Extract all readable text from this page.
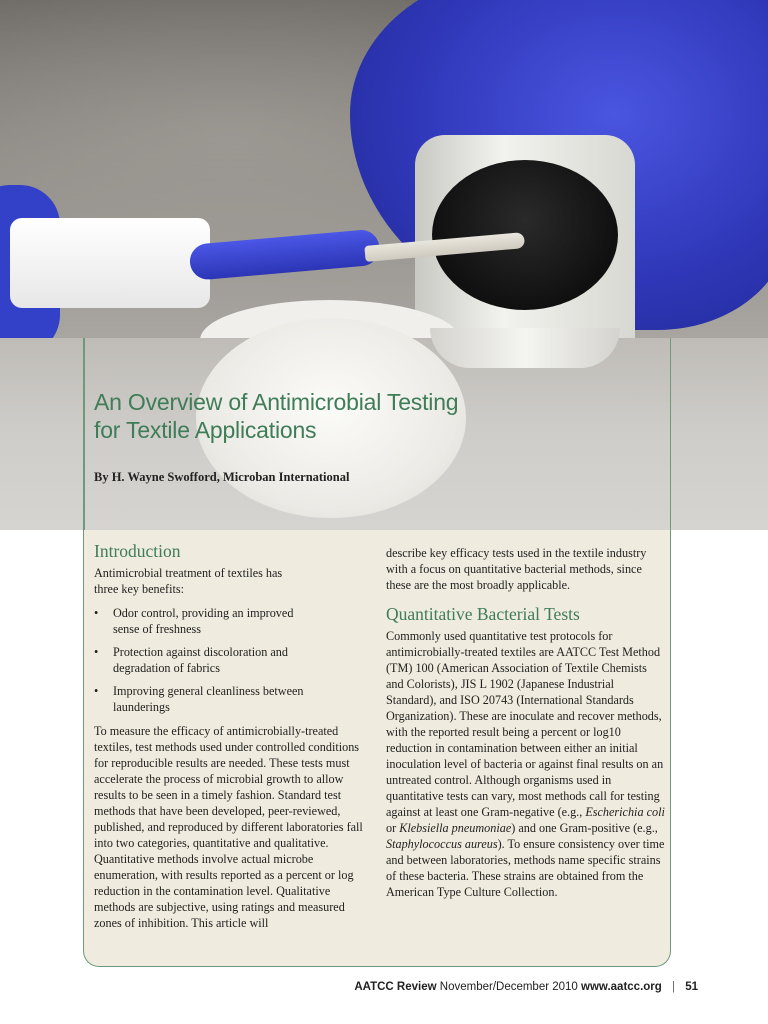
An Overview of Antimicrobial Testing
for Textile Applications

By H. Wayne Swofford, Microban International

Introduction

Antimicrobial treatment of textiles has three key benefits:

• Odor control, providing an improved sense of freshness
• Protection against discoloration and degradation of fabrics
• Improving general cleanliness between launderings

To measure the efficacy of antimicrobially-treated textiles, test methods used under controlled conditions for reproducible results are needed. These tests must accelerate the process of microbial growth to allow results to be seen in a timely fashion. Standard test methods that have been developed, peer-reviewed, published, and reproduced by different laboratories fall into two categories, quantitative and qualitative. Quantitative methods involve actual microbe enumeration, with results reported as a percent or log reduction in the contamination level. Qualitative methods are subjective, using ratings and measured zones of inhibition. This article will

describe key efficacy tests used in the textile industry with a focus on quantitative bacterial methods, since these are the most broadly applicable.

Quantitative Bacterial Tests

Commonly used quantitative test protocols for antimicrobially-treated textiles are AATCC Test Method (TM) 100 (American Association of Textile Chemists and Colorists), JIS L 1902 (Japanese Industrial Standard), and ISO 20743 (International Standards Organization). These are inoculate and recover methods, with the reported result being a percent or log10 reduction in contamination between either an initial inoculation level of bacteria or against final results on an untreated control. Although organisms used in quantitative tests can vary, most methods call for testing against at least one Gram-negative (e.g., Escherichia coli or Klebsiella pneumoniae) and one Gram-positive (e.g., Staphylococcus aureus). To ensure consistency over time and between laboratories, methods name specific strains of these bacteria. These strains are obtained from the American Type Culture Collection.

AATCC Review November/December 2010 www.aatcc.org | 51
